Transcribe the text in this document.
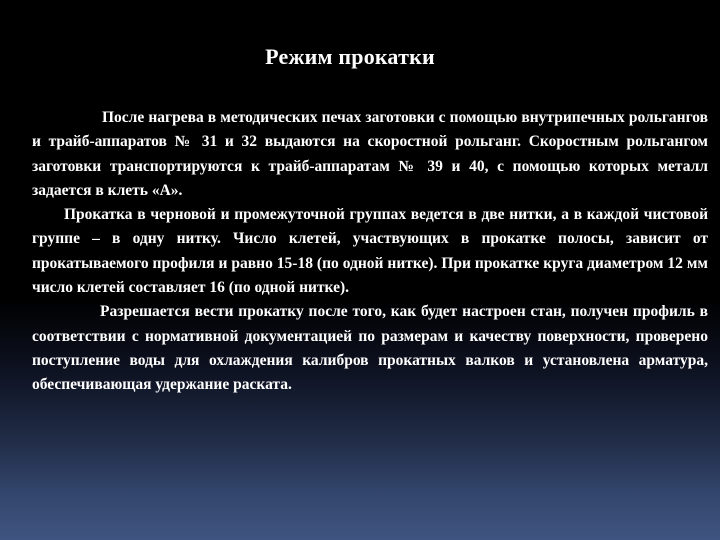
Режим прокатки

После нагрева в методических печах заготовки с помощью внутрипечных рольгангов и трайб-аппаратов № 31 и 32 выдаются на скоростной рольганг. Скоростным рольгангом заготовки транспортируются к трайб-аппаратам № 39 и 40, с помощью которых металл задается в клеть «А».

Прокатка в черновой и промежуточной группах ведется в две нитки, а в каждой чистовой группе – в одну нитку. Число клетей, участвующих в прокатке полосы, зависит от прокатываемого профиля и равно 15-18 (по одной нитке). При прокатке круга диаметром 12 мм число клетей составляет 16 (по одной нитке).

Разрешается вести прокатку после того, как будет настроен стан, получен профиль в соответствии с нормативной документацией по размерам и качеству поверхности, проверено поступление воды для охлаждения калибров прокатных валков и установлена арматура, обеспечивающая удержание раската.
